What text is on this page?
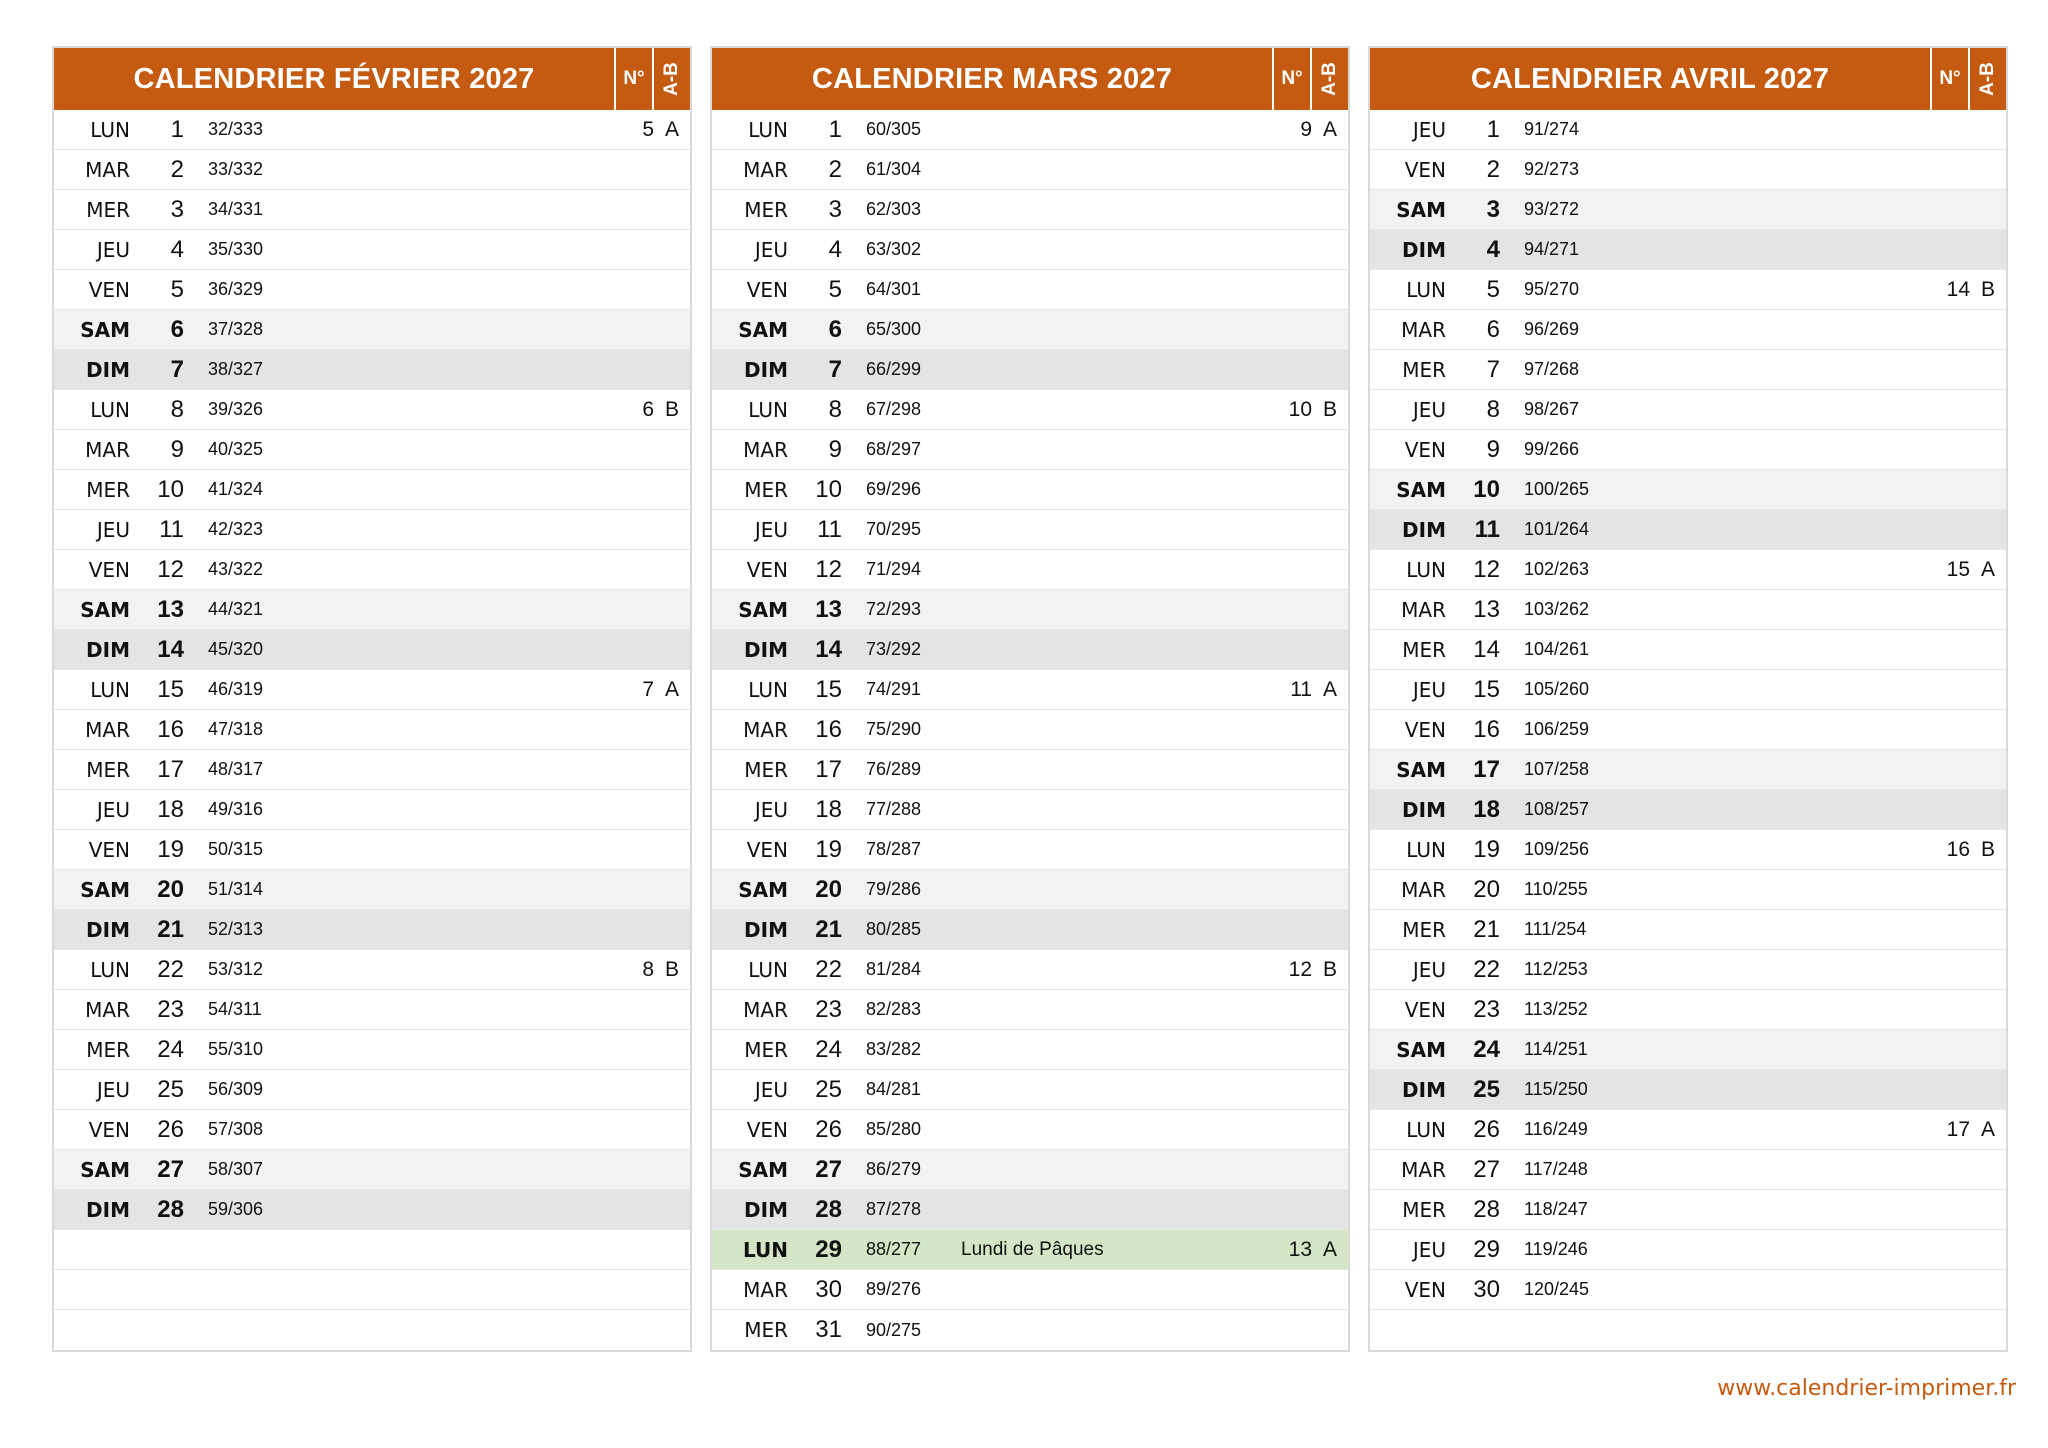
CALENDRIER FÉVRIER 2027	N° A-B
LUN	1	32/333	5 A
MAR	2	33/332
MER	3	34/331
JEU	4	35/330
VEN	5	36/329
SAM	6	37/328
DIM	7	38/327
LUN	8	39/326	6 B
MAR	9	40/325
MER	10	41/324
JEU	11	42/323
VEN	12	43/322
SAM	13	44/321
DIM	14	45/320
LUN	15	46/319	7 A
MAR	16	47/318
MER	17	48/317
JEU	18	49/316
VEN	19	50/315
SAM	20	51/314
DIM	21	52/313
LUN	22	53/312	8 B
MAR	23	54/311
MER	24	55/310
JEU	25	56/309
VEN	26	57/308
SAM	27	58/307
DIM	28	59/306
CALENDRIER MARS 2027	N° A-B
LUN	1	60/305	9 A
MAR	2	61/304
MER	3	62/303
JEU	4	63/302
VEN	5	64/301
SAM	6	65/300
DIM	7	66/299
LUN	8	67/298	10 B
MAR	9	68/297
MER	10	69/296
JEU	11	70/295
VEN	12	71/294
SAM	13	72/293
DIM	14	73/292
LUN	15	74/291	11 A
MAR	16	75/290
MER	17	76/289
JEU	18	77/288
VEN	19	78/287
SAM	20	79/286
DIM	21	80/285
LUN	22	81/284	12 B
MAR	23	82/283
MER	24	83/282
JEU	25	84/281
VEN	26	85/280
SAM	27	86/279
DIM	28	87/278
LUN	29	88/277	Lundi de Pâques	13 A
MAR	30	89/276
MER	31	90/275
CALENDRIER AVRIL 2027	N° A-B
JEU	1	91/274
VEN	2	92/273
SAM	3	93/272
DIM	4	94/271
LUN	5	95/270	14 B
MAR	6	96/269
MER	7	97/268
JEU	8	98/267
VEN	9	99/266
SAM	10	100/265
DIM	11	101/264
LUN	12	102/263	15 A
MAR	13	103/262
MER	14	104/261
JEU	15	105/260
VEN	16	106/259
SAM	17	107/258
DIM	18	108/257
LUN	19	109/256	16 B
MAR	20	110/255
MER	21	111/254
JEU	22	112/253
VEN	23	113/252
SAM	24	114/251
DIM	25	115/250
LUN	26	116/249	17 A
MAR	27	117/248
MER	28	118/247
JEU	29	119/246
VEN	30	120/245
www.calendrier-imprimer.fr
